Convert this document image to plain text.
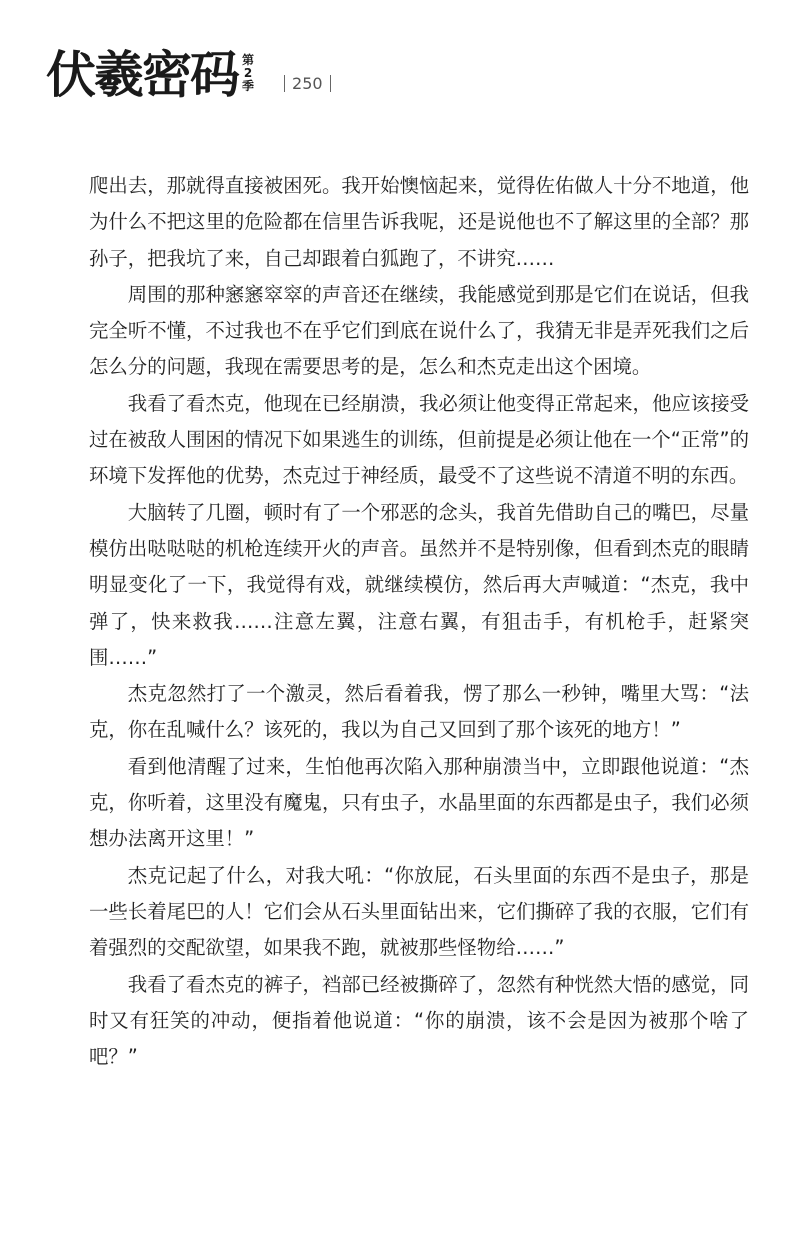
伏羲密码 第
2
季	250

爬出去，那就得直接被困死。我开始懊恼起来，觉得佐佑做人十分不地道，他为什么不把这里的危险都在信里告诉我呢，还是说他也不了解这里的全部？那孙子，把我坑了来，自己却跟着白狐跑了，不讲究……

周围的那种窸窸窣窣的声音还在继续，我能感觉到那是它们在说话，但我完全听不懂，不过我也不在乎它们到底在说什么了，我猜无非是弄死我们之后怎么分的问题，我现在需要思考的是，怎么和杰克走出这个困境。

我看了看杰克，他现在已经崩溃，我必须让他变得正常起来，他应该接受过在被敌人围困的情况下如果逃生的训练，但前提是必须让他在一个“正常”的环境下发挥他的优势，杰克过于神经质，最受不了这些说不清道不明的东西。

大脑转了几圈，顿时有了一个邪恶的念头，我首先借助自己的嘴巴，尽量模仿出哒哒哒的机枪连续开火的声音。虽然并不是特别像，但看到杰克的眼睛明显变化了一下，我觉得有戏，就继续模仿，然后再大声喊道：“杰克，我中弹了，快来救我……注意左翼，注意右翼，有狙击手，有机枪手，赶紧突围……”

杰克忽然打了一个激灵，然后看着我，愣了那么一秒钟，嘴里大骂：“法克，你在乱喊什么？该死的，我以为自己又回到了那个该死的地方！”

看到他清醒了过来，生怕他再次陷入那种崩溃当中，立即跟他说道：“杰克，你听着，这里没有魔鬼，只有虫子，水晶里面的东西都是虫子，我们必须想办法离开这里！”

杰克记起了什么，对我大吼：“你放屁，石头里面的东西不是虫子，那是一些长着尾巴的人！它们会从石头里面钻出来，它们撕碎了我的衣服，它们有着强烈的交配欲望，如果我不跑，就被那些怪物给……”

我看了看杰克的裤子，裆部已经被撕碎了，忽然有种恍然大悟的感觉，同时又有狂笑的冲动，便指着他说道：“你的崩溃，该不会是因为被那个啥了吧？”
